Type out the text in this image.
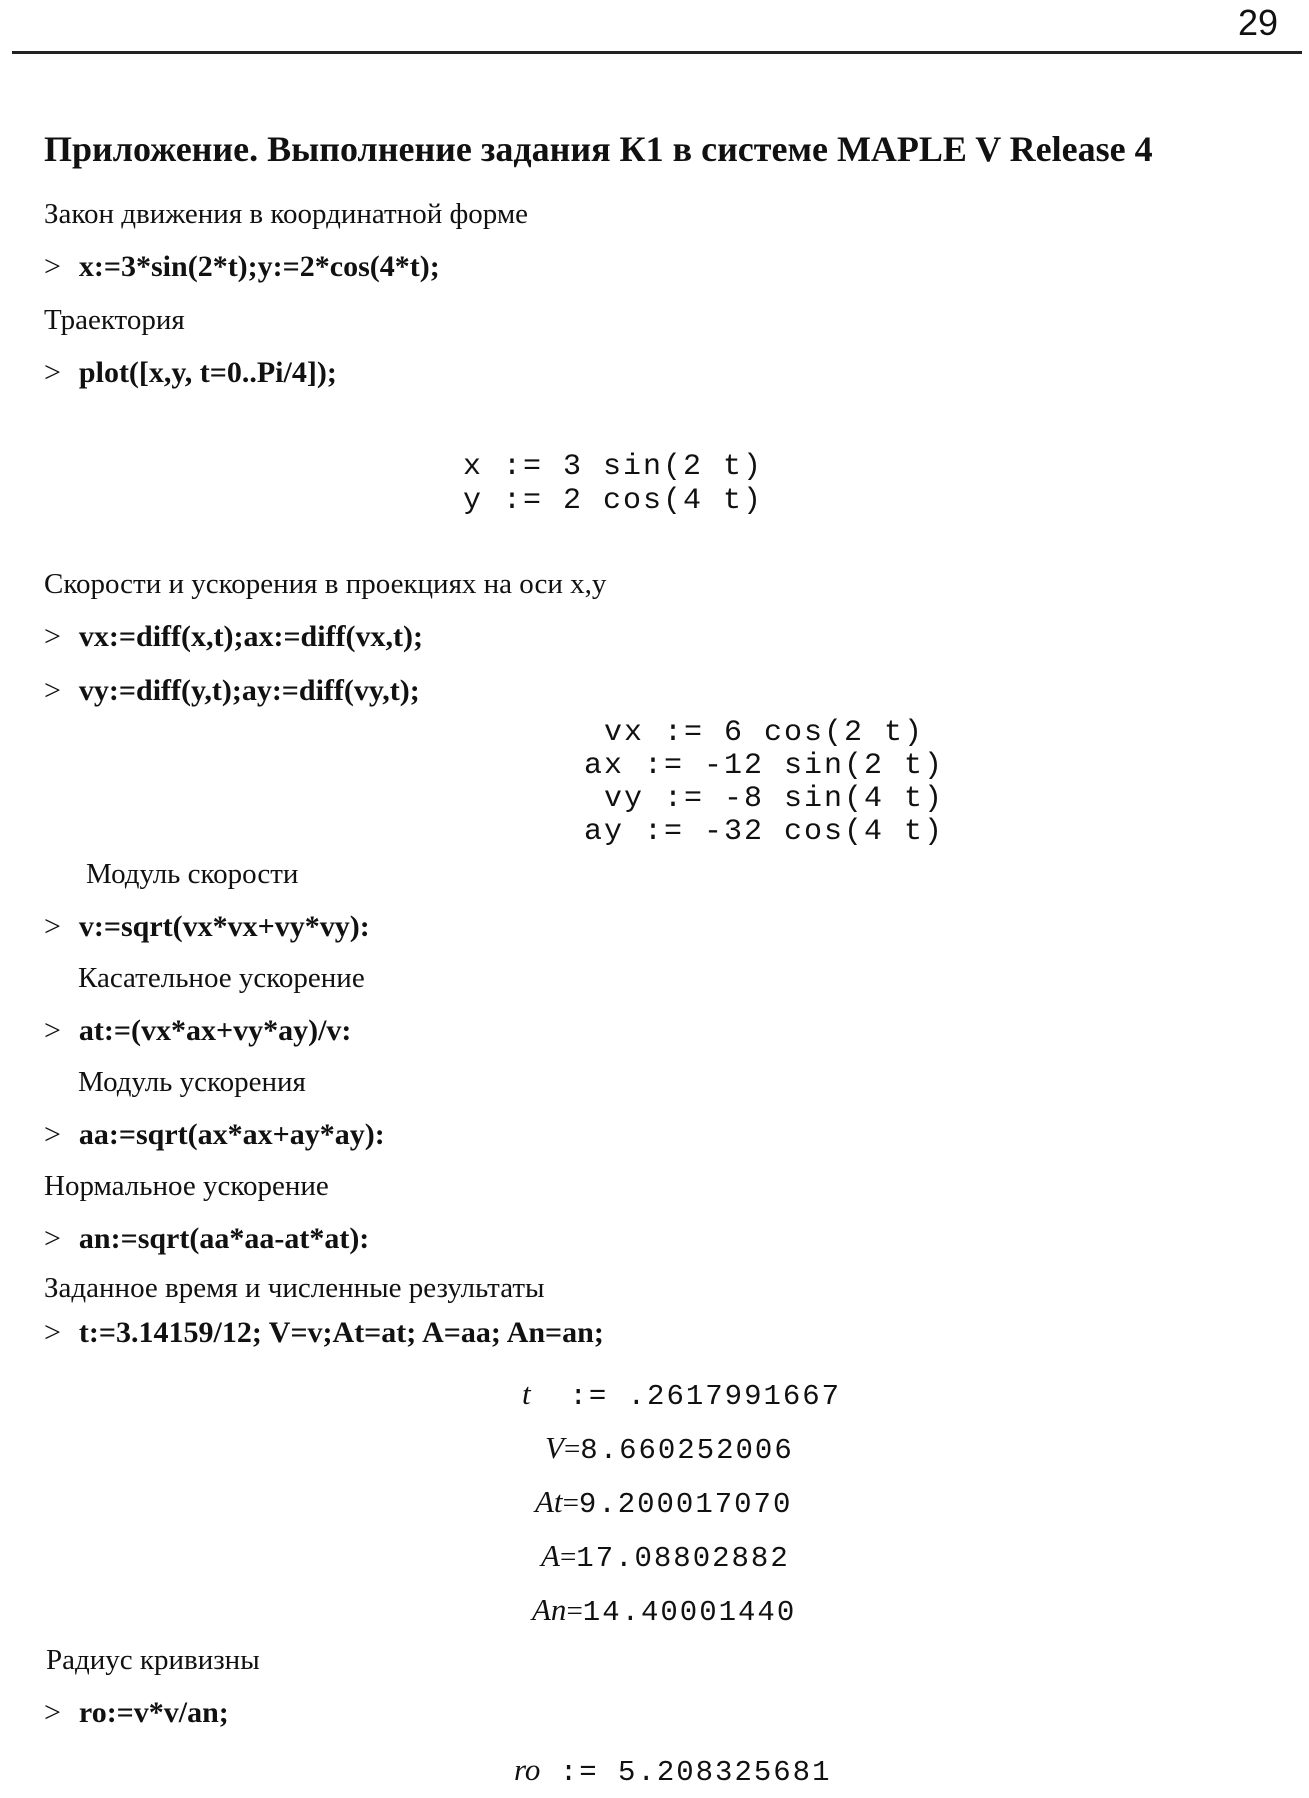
29
Приложение. Выполнение задания К1 в системе MAPLE V Release 4
Закон движения в координатной форме
> x:=3*sin(2*t);y:=2*cos(4*t);
Траектория
> plot([x,y, t=0..Pi/4]);
x := 3 sin(2 t)
y := 2 cos(4 t)
Скорости и ускорения в проекциях на оси x,y
> vx:=diff(x,t);ax:=diff(vx,t);
> vy:=diff(y,t);ay:=diff(vy,t);
vx := 6 cos(2 t)
ax := -12 sin(2 t)
vy := -8 sin(4 t)
ay := -32 cos(4 t)
Модуль скорости
> v:=sqrt(vx*vx+vy*vy):
Касательное ускорение
> at:=(vx*ax+vy*ay)/v:
Модуль ускорения
> aa:=sqrt(ax*ax+ay*ay):
Нормальное ускорение
> an:=sqrt(aa*aa-at*at):
Заданное время и численные результаты
> t:=3.14159/12; V=v;At=at; A=aa; An=an;
t := .2617991667
V=8.660252006
At=9.200017070
A=17.08802882
An=14.40001440
Радиус кривизны
> ro:=v*v/an;
ro := 5.208325681
